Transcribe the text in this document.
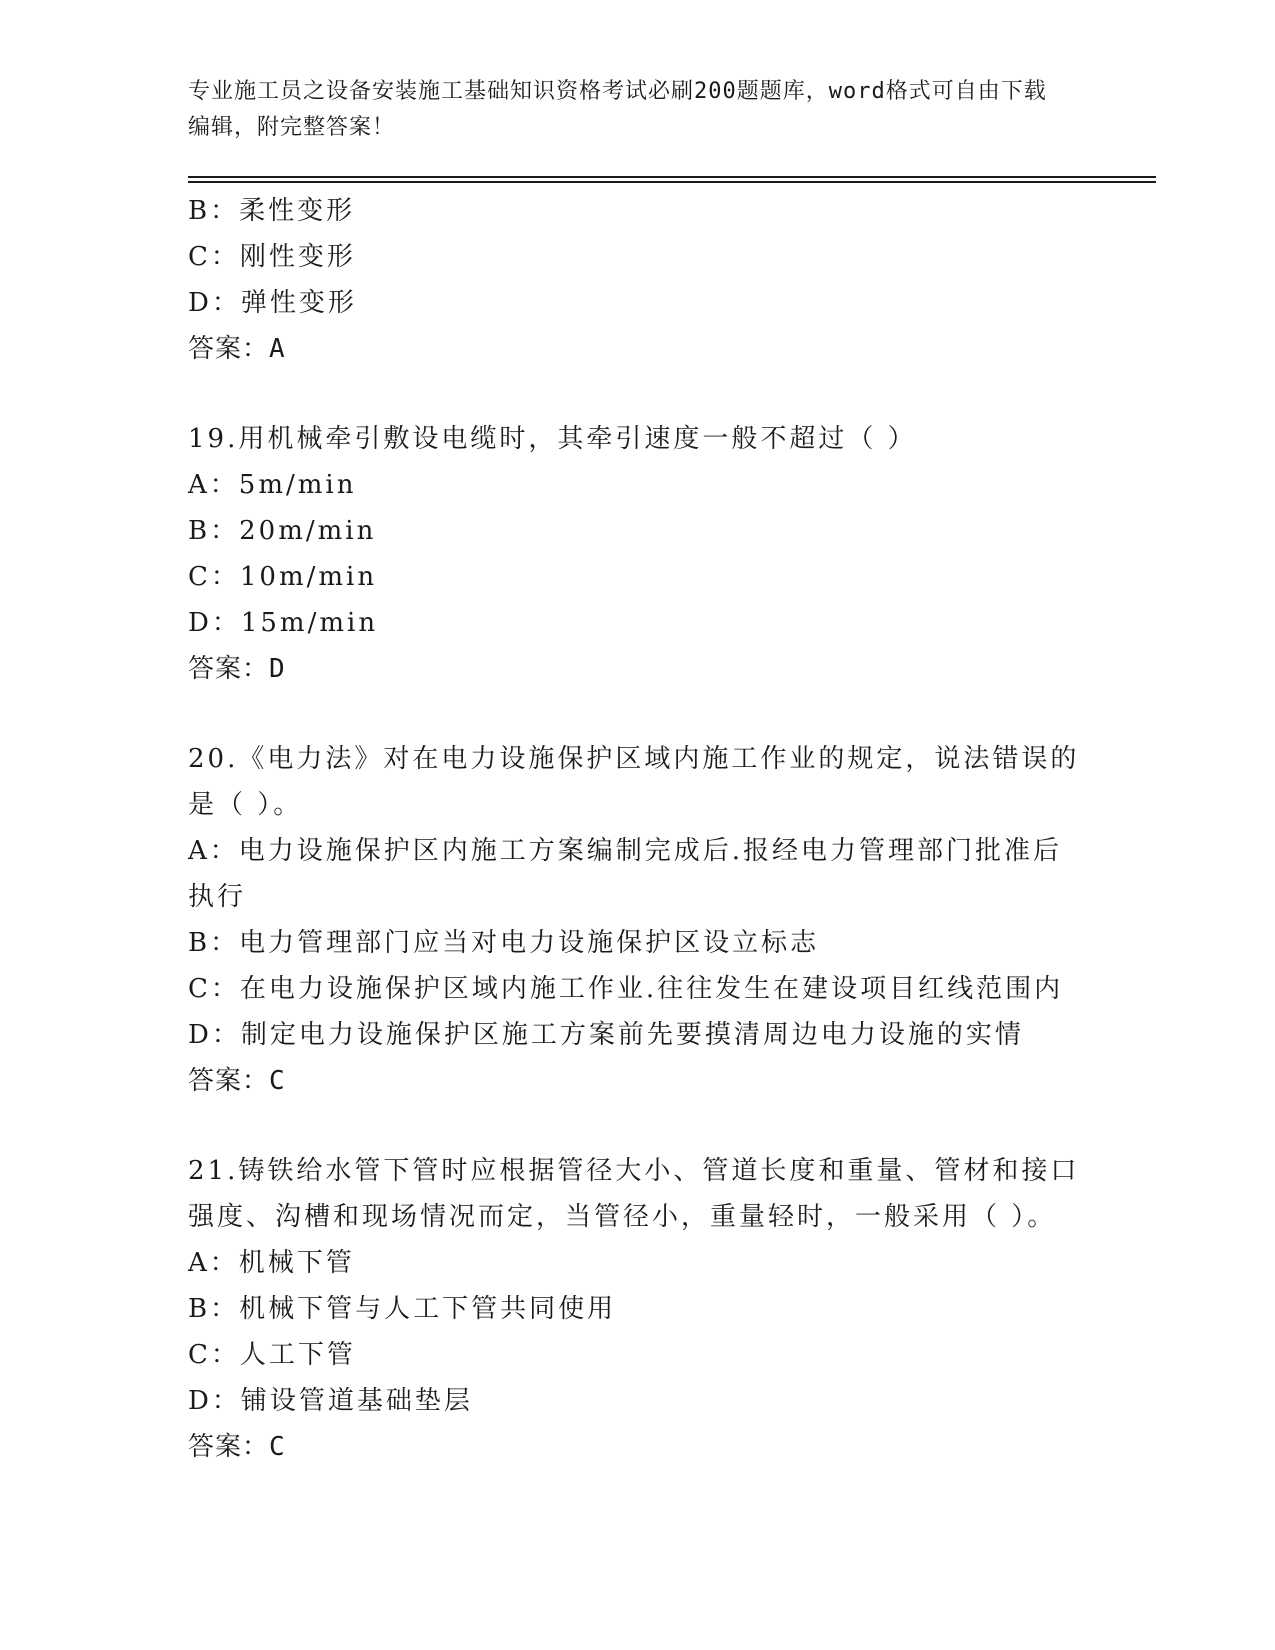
专业施工员之设备安装施工基础知识资格考试必刷200题题库，word格式可自由下载编辑，附完整答案！
B：柔性变形
C：刚性变形
D：弹性变形
答案：A
19.用机械牵引敷设电缆时，其牵引速度一般不超过（ ）
A：5m/min
B：20m/min
C：10m/min
D：15m/min
答案：D
20.《电力法》对在电力设施保护区域内施工作业的规定，说法错误的是（ ）。
A：电力设施保护区内施工方案编制完成后.报经电力管理部门批准后执行
B：电力管理部门应当对电力设施保护区设立标志
C：在电力设施保护区域内施工作业.往往发生在建设项目红线范围内
D：制定电力设施保护区施工方案前先要摸清周边电力设施的实情
答案：C
21.铸铁给水管下管时应根据管径大小、管道长度和重量、管材和接口强度、沟槽和现场情况而定，当管径小，重量轻时，一般采用（ ）。
A：机械下管
B：机械下管与人工下管共同使用
C：人工下管
D：铺设管道基础垫层
答案：C
